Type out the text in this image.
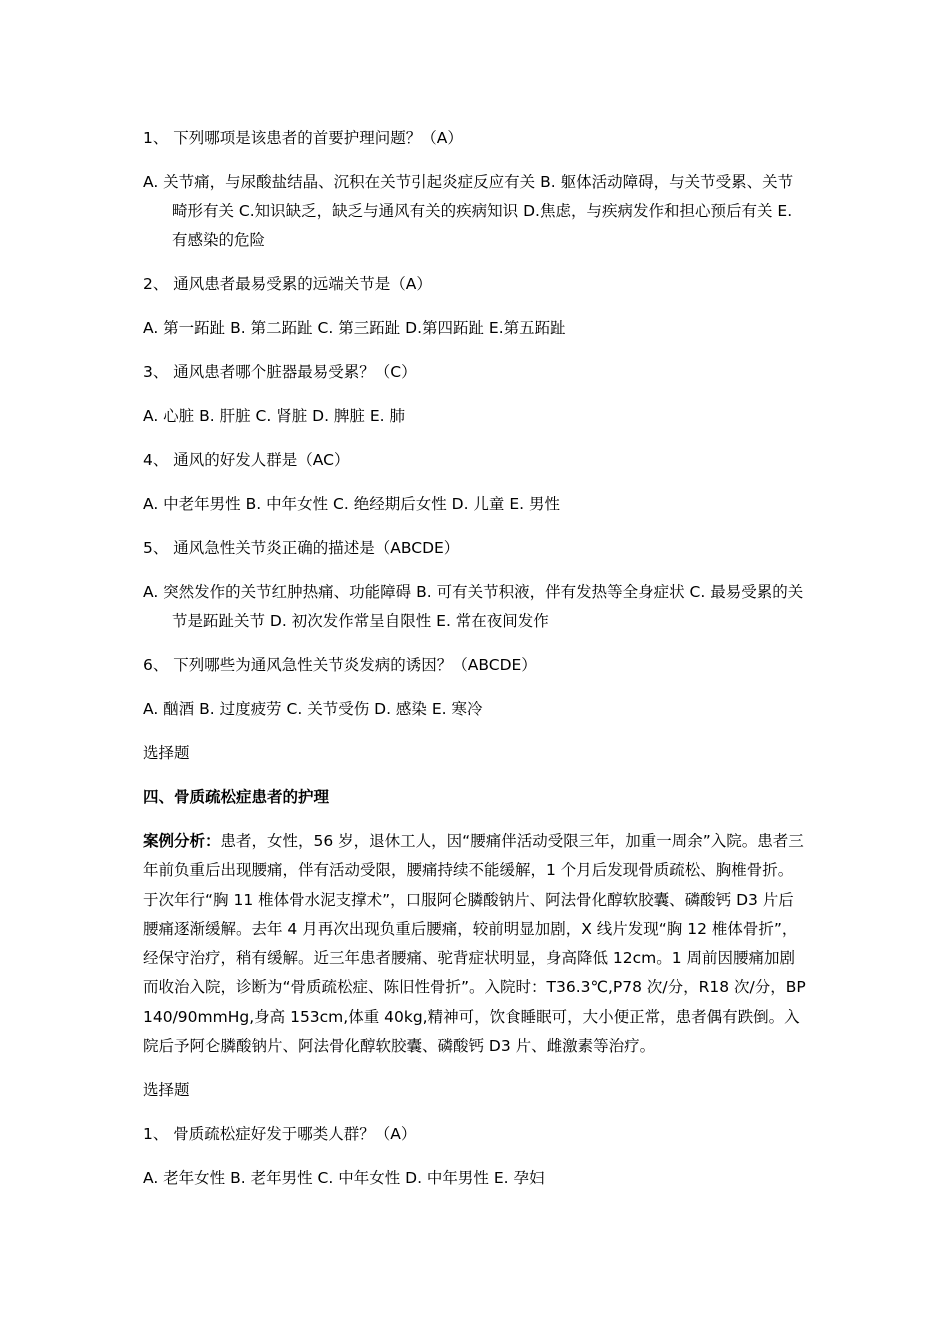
1、 下列哪项是该患者的首要护理问题？（A）

A. 关节痛，与尿酸盐结晶、沉积在关节引起炎症反应有关 B. 躯体活动障碍，与关节受累、关节畸形有关 C.知识缺乏，缺乏与通风有关的疾病知识 D.焦虑，与疾病发作和担心预后有关 E.有感染的危险

2、 通风患者最易受累的远端关节是（A）

A. 第一跖趾 B. 第二跖趾 C. 第三跖趾 D.第四跖趾 E.第五跖趾

3、 通风患者哪个脏器最易受累？（C）

A. 心脏 B. 肝脏 C. 肾脏 D. 脾脏 E. 肺

4、 通风的好发人群是（AC）

A. 中老年男性 B. 中年女性 C. 绝经期后女性 D. 儿童 E. 男性

5、 通风急性关节炎正确的描述是（ABCDE）

A. 突然发作的关节红肿热痛、功能障碍 B. 可有关节积液，伴有发热等全身症状 C. 最易受累的关节是跖趾关节 D. 初次发作常呈自限性 E. 常在夜间发作

6、 下列哪些为通风急性关节炎发病的诱因？（ABCDE）

A. 酗酒 B. 过度疲劳 C. 关节受伤 D. 感染 E. 寒冷

选择题

四、骨质疏松症患者的护理

案例分析：患者，女性，56 岁，退休工人，因“腰痛伴活动受限三年，加重一周余”入院。患者三年前负重后出现腰痛，伴有活动受限，腰痛持续不能缓解，1 个月后发现骨质疏松、胸椎骨折。于次年行“胸 11 椎体骨水泥支撑术”，口服阿仑膦酸钠片、阿法骨化醇软胶囊、磷酸钙 D3 片后腰痛逐渐缓解。去年 4 月再次出现负重后腰痛，较前明显加剧，X 线片发现“胸 12 椎体骨折”，经保守治疗，稍有缓解。近三年患者腰痛、驼背症状明显，身高降低 12cm。1 周前因腰痛加剧而收治入院，诊断为“骨质疏松症、陈旧性骨折”。入院时：T36.3℃,P78 次/分，R18 次/分，BP 140/90mmHg,身高 153cm,体重 40kg,精神可，饮食睡眠可，大小便正常，患者偶有跌倒。入院后予阿仑膦酸钠片、阿法骨化醇软胶囊、磷酸钙 D3 片、雌激素等治疗。

选择题

1、 骨质疏松症好发于哪类人群？（A）

A. 老年女性 B. 老年男性 C. 中年女性 D. 中年男性 E. 孕妇
